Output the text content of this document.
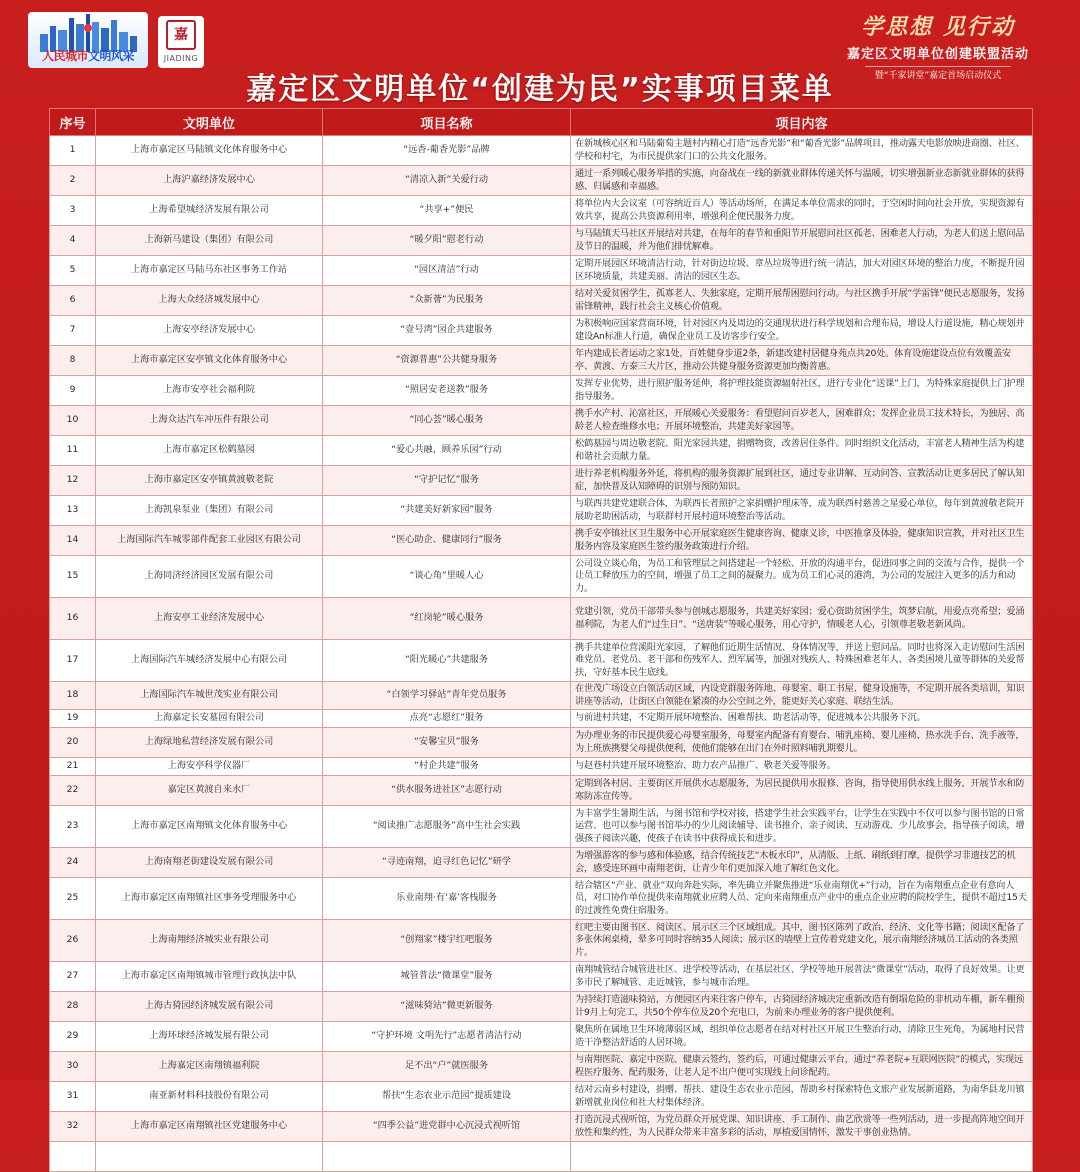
人民城市文明风采
嘉
JIADING
学思想 见行动
嘉定区文明单位创建联盟活动
暨“千家讲堂”嘉定首场启动仪式
嘉定区文明单位“创建为民”实事项目菜单
序号	文明单位	项目名称	项目内容
1	上海市嘉定区马陆镇文化体育服务中心	“远香-葡香光影”品牌	在新城核心区和马陆葡萄主题村内精心打造“远香光影”和“葡香光影”品牌项目，推动露天电影放映进商圈、社区、学校和村宅，为市民提供家门口的公共文化服务。
2	上海沪嘉经济发展中心	“清凉入新”关爱行动	通过一系列暖心服务举措的实施，向奋战在一线的新就业群体传递关怀与温暖，切实增强新业态新就业群体的获得感、归属感和幸福感。
3	上海希望城经济发展有限公司	“共享+”便民	将单位内大会议室（可容纳近百人）等活动场所，在满足本单位需求的同时，于空闲时间向社会开放，实现资源有效共享，提高公共资源利用率，增强利企便民服务力度。
4	上海新马建设（集团）有限公司	“暖夕阳”慰老行动	与马陆镇天马社区开展结对共建，在每年的春节和重阳节开展慰问社区孤老、困难老人行动，为老人们送上慰问品及节日的温暖，并为他们排忧解难。
5	上海市嘉定区马陆马东社区事务工作站	“园区清洁”行动	定期开展园区环境清洁行动，针对街边垃圾、章丛垃圾等进行统一清洁，加大对园区环境的整治力度，不断提升园区环境质量，共建美丽、清洁的园区生态。
6	上海大众经济城发展中心	“众新薈”为民服务	结对关爱贫困学生，孤寡老人、失独家庭，定期开展帮困慰问行动。与社区携手开展“学雷锋”便民志愿服务，发扬雷锋精神，践行社会主义核心价值观。
7	上海安亭经济发展中心	“壹号湾”园企共建服务	为积极响应国家营商环境，针对园区内及周边的交通现状进行科学规划和合理布局，增设人行道设施，精心规划并建设An标准人行道，确保企业员工及访客步行安全。
8	上海市嘉定区安亭镇文化体育服务中心	“资源普惠”公共健身服务	年内建成长者运动之家1处，百姓健身步道2条，新建改建村居健身苑点共20处。体育设施建设点位有效覆盖安亭、黄渡、方泰三大片区，推动公共健身服务资源更加均衡普惠。
9	上海市安亭社会福利院	“照居安老送教”服务	发挥专业优势，进行照护服务延伸，将护理技能资源辐射社区，进行专业化“送课”上门，为特殊家庭提供上门护理指导服务。
10	上海众达汽车冲压件有限公司	“同心荟”暖心服务	携手水产村、沁富社区，开展暖心关爱服务：看望慰问百岁老人，困难群众；发挥企业员工技术特长，为独居、高龄老人检查维修水电；开展环境整治，共建美好家园等。
11	上海市嘉定区松鹤墓园	“爱心共融，顾养乐园”行动	松鹤墓园与周边敬老院、阳光家园共建，捐赠物资，改善居住条件。同时组织文化活动，丰富老人精神生活为构建和谐社会贡献力量。
12	上海市嘉定区安亭镇黄渡敬老院	“守护记忆”服务	进行养老机构服务外延，将机构的服务资源扩展到社区，通过专业讲解、互动问答、宣教活动让更多居民了解认知症，加快普及认知障碍的识别与预防知识。
13	上海凯泉泵业（集团）有限公司	“共建美好新家园”服务	与联西共建党建联合体，为联西长者照护之家捐赠护理床等，成为联西村慈善之星爱心单位，每年到黄渡敬老院开展助老助困活动，与联群村开展村道环境整治等活动。
14	上海国际汽车城零部件配套工业园区有限公司	“医心助企、健康同行”服务	携手安亭镇社区卫生服务中心开展家庭医生健康咨询、健康义诊，中医推拿及体验，健康知识宣教，并对社区卫生服务内容及家庭医生签约服务政策进行介绍。
15	上海同济经济园区发展有限公司	“谈心角”里暖人心	公司设立谈心角，为员工和管理层之间搭建起一个轻松、开放的沟通平台，促进同事之间的交流与合作，提供一个让员工释放压力的空间，增强了员工之间的凝聚力。成为员工们心灵的港湾，为公司的发展注入更多的活力和动力。
16	上海安亭工业经济发展中心	“红岗轮”暖心服务	党建引领，党员干部带头参与创城志愿服务，共建美好家园；爱心资助贫困学生，筑梦启航，用爱点亮希望；爱涌福利院，为老人们“过生日”、“送唐装”等暖心服务，用心守护，情暖老人心，引领尊老敬老新风尚。
17	上海国际汽车城经济发展中心有限公司	“阳光暖心”共建服务	携手共建单位营溪阳光家园，了解他们近期生活情况、身体情况等，并送上慰问品。同时也将深入走访慰问生活困难党员、老党员、老干部和伤残军人、烈军属等，加强对残疾人、特殊困难老年人、各类困境儿童等群体的关爱帮扶，守好基本民生底线。
18	上海国际汽车城世茂实业有限公司	“白领学习驿站”青年党员服务	在世茂广场设立白领活动区域，内设党群服务阵地、母婴室、职工书屋、健身设施等，不定期开展各类培训，知识讲座等活动，让街区白领能在紧凑的办公空间之外，能更好关心家庭、联结生活。
19	上海嘉定长安墓园有限公司	点亮“志愿红”服务	与前进村共建，不定期开展环境整治、困难帮扶、助老活动等，促进城本公共服务下沉。
20	上海绿地私营经济发展有限公司	“安馨宝贝”服务	为办理业务的市民提供爱心母婴室服务，母婴室内配备有育婴台、哺乳座椅、婴儿座椅、热水洗手台、洗手液等，为上班族携婴父母提供便利，使他们能够在出门在外时照料哺乳期婴儿。
21	上海安亭科学仪器厂	“村企共建”服务	与赵巷村共建开展环境整治、助力农产品推广、敬老关爱等服务。
22	嘉定区黄渡自来水厂	“供水服务进社区”志愿行动	定期到各村居、主要街区开展供水志愿服务，为居民提供用水报修、咨询，指导使用供水线上服务，开展节水和防寒防冻宣传等。
23	上海市嘉定区南翔镇文化体育服务中心	“阅读推广志愿服务”高中生社会实践	为丰富学生暑期生活，与图书馆和学校对接，搭建学生社会实践平台，让学生在实践中不仅可以参与图书馆的日常运营、也可以参与图书馆举办的少儿阅读辅导、读书推介、亲子阅读、互动游戏、少儿故事会，指导孩子阅读，增强孩子阅读兴趣，使孩子在读书中获得成长和进步。
24	上海南翔老街建设发展有限公司	“寻迹南翔，追寻红色记忆”研学	为增强游客的参与感和体验感，结合传统技艺“木板水印”，从清版、上纸、刷纸到打摩，提供学习非遗技艺的机会，感受连环画中南翔老街，让青少年们更加深入地了解红色文化。
25	上海市嘉定区南翔镇社区事务受理服务中心	乐业南翔·有‘嘉’客栈服务	结合辖区“产业、就业”双向奔赴实际，率先确立并聚焦推进“乐业南翔优+”行动，旨在为南翔重点企业有意向人员，对口协作单位提供来南翔就业应聘人员、定向来南翔重点产业中的重点企业应聘的院校学生，提供不超过15天的过渡性免费住宿服务。
26	上海南翔经济城实业有限公司	“创翔家”楼宇红吧服务	红吧主要由图书区、阅读区、展示区三个区域组成。其中，图书区陈列了政治、经济、文化等书籍；阅读区配备了多张休闲桌椅，晕多可同时容纳35人阅读；展示区的墙壁上宣传着党建文化，展示南翔经济城员工活动的各类照片。
27	上海市嘉定区南翔镇城市管理行政执法中队	城管普法“微课堂”服务	南翔城管结合城管进社区、进学校等活动，在基层社区、学校等地开展普法“微课堂”活动，取得了良好效果。让更多市民了解城管、走近城管，参与城市治理。
28	上海古猗园经济城发展有限公司	“滋味猗站”微更新服务	为持续打造滋味猗站，方便园区内来往客户停车，古猗园经济城决定重新改造有倒塌危险的非机动车棚，新车棚预计9月上旬完工，共50个停车位及20个充电口，为前来办理业务的客户提供便利。
29	上海环球经济城发展有限公司	“守护环境 文明先行”志愿者清洁行动	聚焦所在属地卫生环境薄弱区域，组织单位志愿者在结对村社区开展卫生整治行动，清除卫生死角，为属地村民营造干净整洁舒适的人居环境。
30	上海嘉定区南翔镇福利院	足不出“户”就医服务	与南翔医院、嘉定中医院、健康云签约，签约后，可通过健康云平台，通过“养老院+互联网医院”的模式，实现远程医疗服务、配药服务，让老人足不出户便可实现线上问诊配药。
31	南亚新材料科技股份有限公司	帮扶“生态农业示范园”提质建设	结对云南乡村建设，捐赠、帮扶、建设生态农业示范园，帮助乡村探索特色文旅产业发展新道路，为南华县龙川镇新增就业岗位和社大村集体经济。
32	上海市嘉定区南翔镇社区党建服务中心	“四季公益”进党群中心沉浸式视听馆	打造沉浸式视听馆，为党员群众开展党课、知识讲座、手工制作、曲艺欣赏等一些列活动，进一步提高阵地空间开放性和集约性，为人民群众带来丰富多彩的活动，厚植爱国情怀，激发干事创业热情。
